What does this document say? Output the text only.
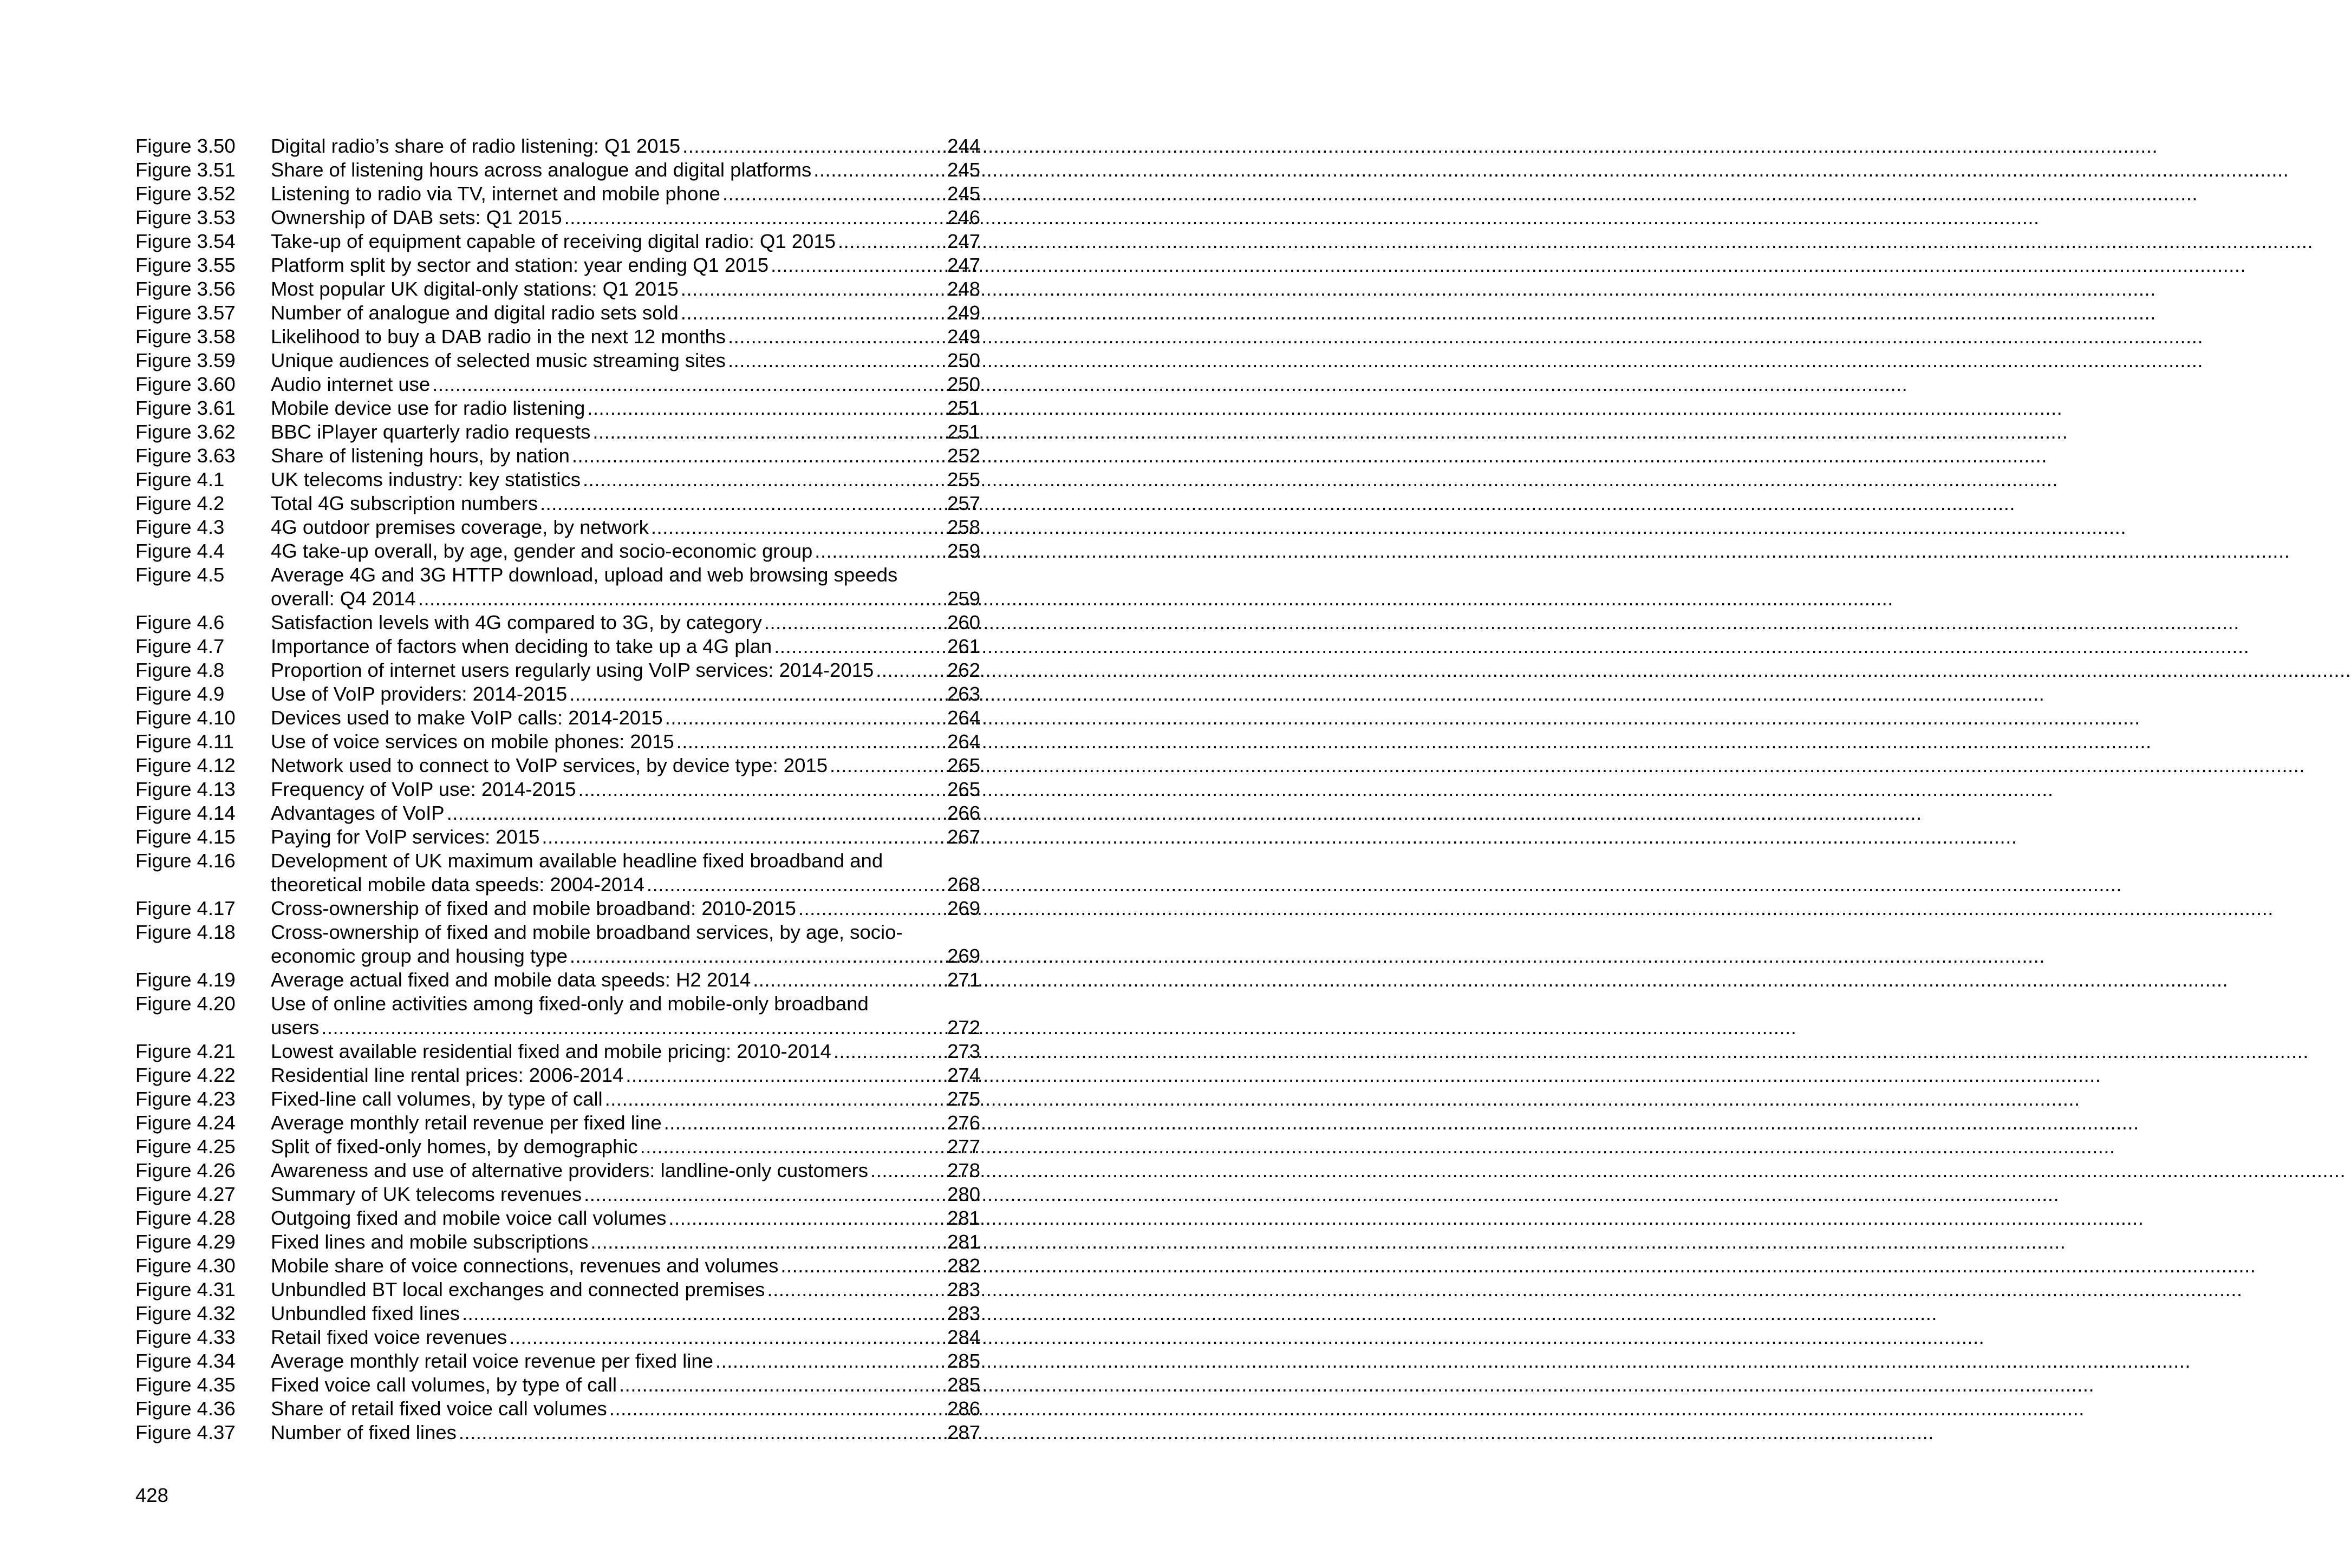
Figure 3.50	Digital radio’s share of radio listening: Q1 2015 .....	244
Figure 3.51	Share of listening hours across analogue and digital platforms .....	245
Figure 3.52	Listening to radio via TV, internet and mobile phone .....	245
Figure 3.53	Ownership of DAB sets: Q1 2015 .....	246
Figure 3.54	Take-up of equipment capable of receiving digital radio: Q1 2015 .....	247
Figure 3.55	Platform split by sector and station: year ending Q1 2015 .....	247
Figure 3.56	Most popular UK digital-only stations: Q1 2015 .....	248
Figure 3.57	Number of analogue and digital radio sets sold .....	249
Figure 3.58	Likelihood to buy a DAB radio in the next 12 months .....	249
Figure 3.59	Unique audiences of selected music streaming sites .....	250
Figure 3.60	Audio internet use .....	250
Figure 3.61	Mobile device use for radio listening .....	251
Figure 3.62	BBC iPlayer quarterly radio requests .....	251
Figure 3.63	Share of listening hours, by nation .....	252
Figure 4.1	UK telecoms industry: key statistics .....	255
Figure 4.2	Total 4G subscription numbers .....	257
Figure 4.3	4G outdoor premises coverage, by network .....	258
Figure 4.4	4G take-up overall, by age, gender and socio-economic group .....	259
Figure 4.5	Average 4G and 3G HTTP download, upload and web browsing speeds
overall: Q4 2014 .....	259
Figure 4.6	Satisfaction levels with 4G compared to 3G, by category .....	260
Figure 4.7	Importance of factors when deciding to take up a 4G plan .....	261
Figure 4.8	Proportion of internet users regularly using VoIP services: 2014-2015 .....	262
Figure 4.9	Use of VoIP providers: 2014-2015 .....	263
Figure 4.10	Devices used to make VoIP calls: 2014-2015 .....	264
Figure 4.11	Use of voice services on mobile phones: 2015 .....	264
Figure 4.12	Network used to connect to VoIP services, by device type: 2015 .....	265
Figure 4.13	Frequency of VoIP use: 2014-2015 .....	265
Figure 4.14	Advantages of VoIP .....	266
Figure 4.15	Paying for VoIP services: 2015 .....	267
Figure 4.16	Development of UK maximum available headline fixed broadband and
theoretical mobile data speeds: 2004-2014 .....	268
Figure 4.17	Cross-ownership of fixed and mobile broadband: 2010-2015 .....	269
Figure 4.18	Cross-ownership of fixed and mobile broadband services, by age, socio-
economic group and housing type .....	269
Figure 4.19	Average actual fixed and mobile data speeds: H2 2014 .....	271
Figure 4.20	Use of online activities among fixed-only and mobile-only broadband
users .....	272
Figure 4.21	Lowest available residential fixed and mobile pricing: 2010-2014 .....	273
Figure 4.22	Residential line rental prices: 2006-2014 .....	274
Figure 4.23	Fixed-line call volumes, by type of call .....	275
Figure 4.24	Average monthly retail revenue per fixed line .....	276
Figure 4.25	Split of fixed-only homes, by demographic .....	277
Figure 4.26	Awareness and use of alternative providers: landline-only customers .....	278
Figure 4.27	Summary of UK telecoms revenues .....	280
Figure 4.28	Outgoing fixed and mobile voice call volumes .....	281
Figure 4.29	Fixed lines and mobile subscriptions .....	281
Figure 4.30	Mobile share of voice connections, revenues and volumes .....	282
Figure 4.31	Unbundled BT local exchanges and connected premises .....	283
Figure 4.32	Unbundled fixed lines .....	283
Figure 4.33	Retail fixed voice revenues .....	284
Figure 4.34	Average monthly retail voice revenue per fixed line .....	285
Figure 4.35	Fixed voice call volumes, by type of call .....	285
Figure 4.36	Share of retail fixed voice call volumes .....	286
Figure 4.37	Number of fixed lines .....	287
428
